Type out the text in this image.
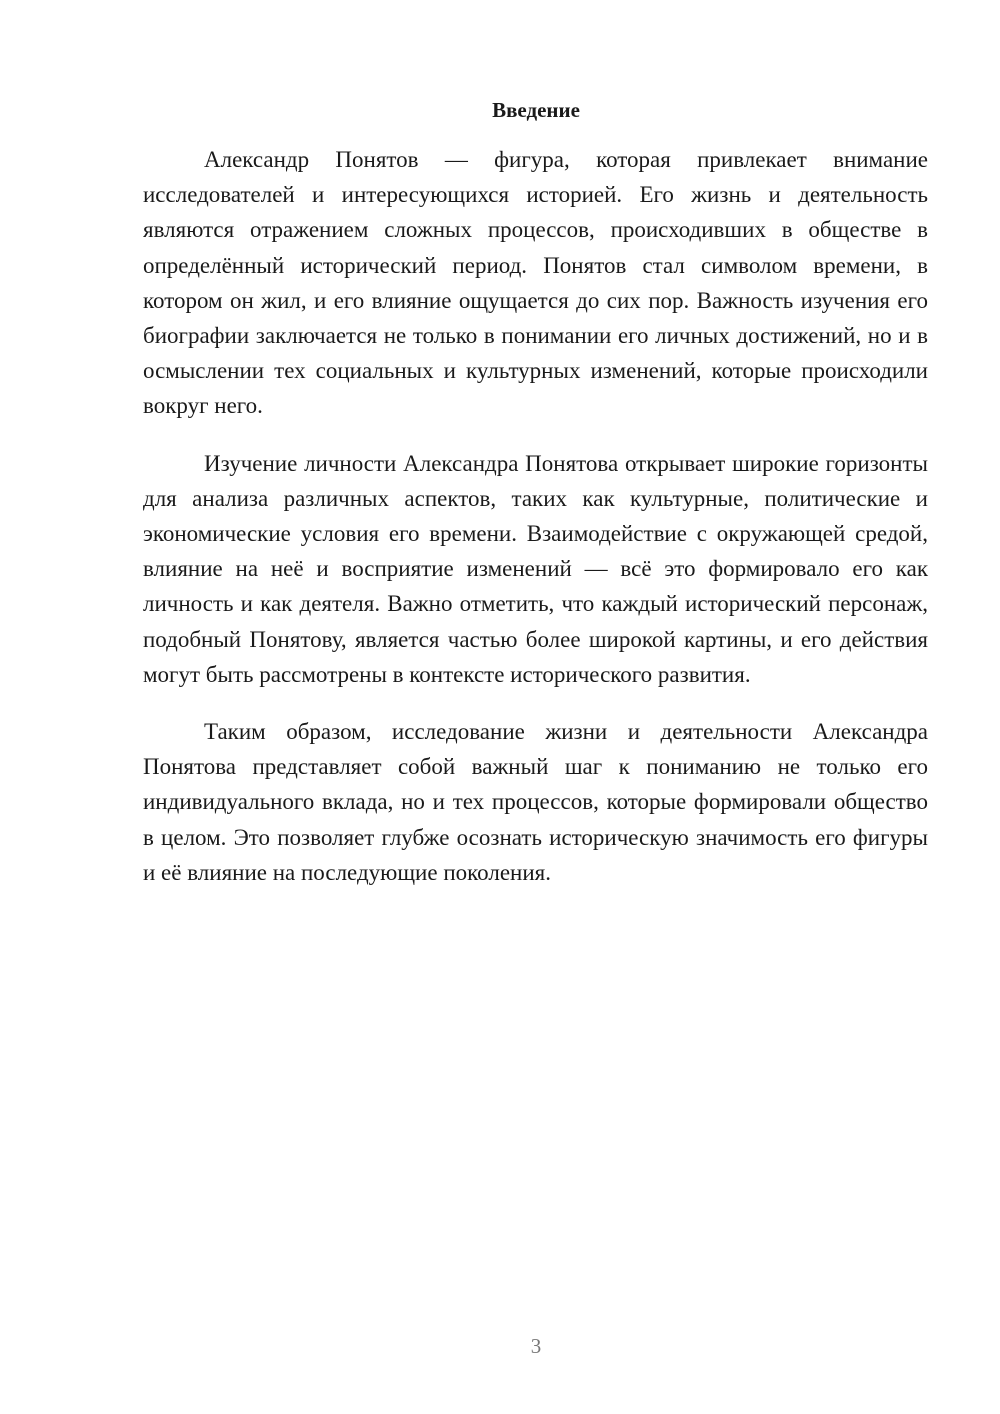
Введение

Александр Понятов — фигура, которая привлекает внимание исследователей и интересующихся историей. Его жизнь и деятельность являются отражением сложных процессов, происходивших в обществе в определённый исторический период. Понятов стал символом времени, в котором он жил, и его влияние ощущается до сих пор. Важность изучения его биографии заключается не только в понимании его личных достижений, но и в осмыслении тех социальных и культурных изменений, которые происходили вокруг него.

Изучение личности Александра Понятова открывает широкие горизонты для анализа различных аспектов, таких как культурные, политические и экономические условия его времени. Взаимодействие с окружающей средой, влияние на неё и восприятие изменений — всё это формировало его как личность и как деятеля. Важно отметить, что каждый исторический персонаж, подобный Понятову, является частью более широкой картины, и его действия могут быть рассмотрены в контексте исторического развития.

Таким образом, исследование жизни и деятельности Александра Понятова представляет собой важный шаг к пониманию не только его индивидуального вклада, но и тех процессов, которые формировали общество в целом. Это позволяет глубже осознать историческую значимость его фигуры и её влияние на последующие поколения.

3
